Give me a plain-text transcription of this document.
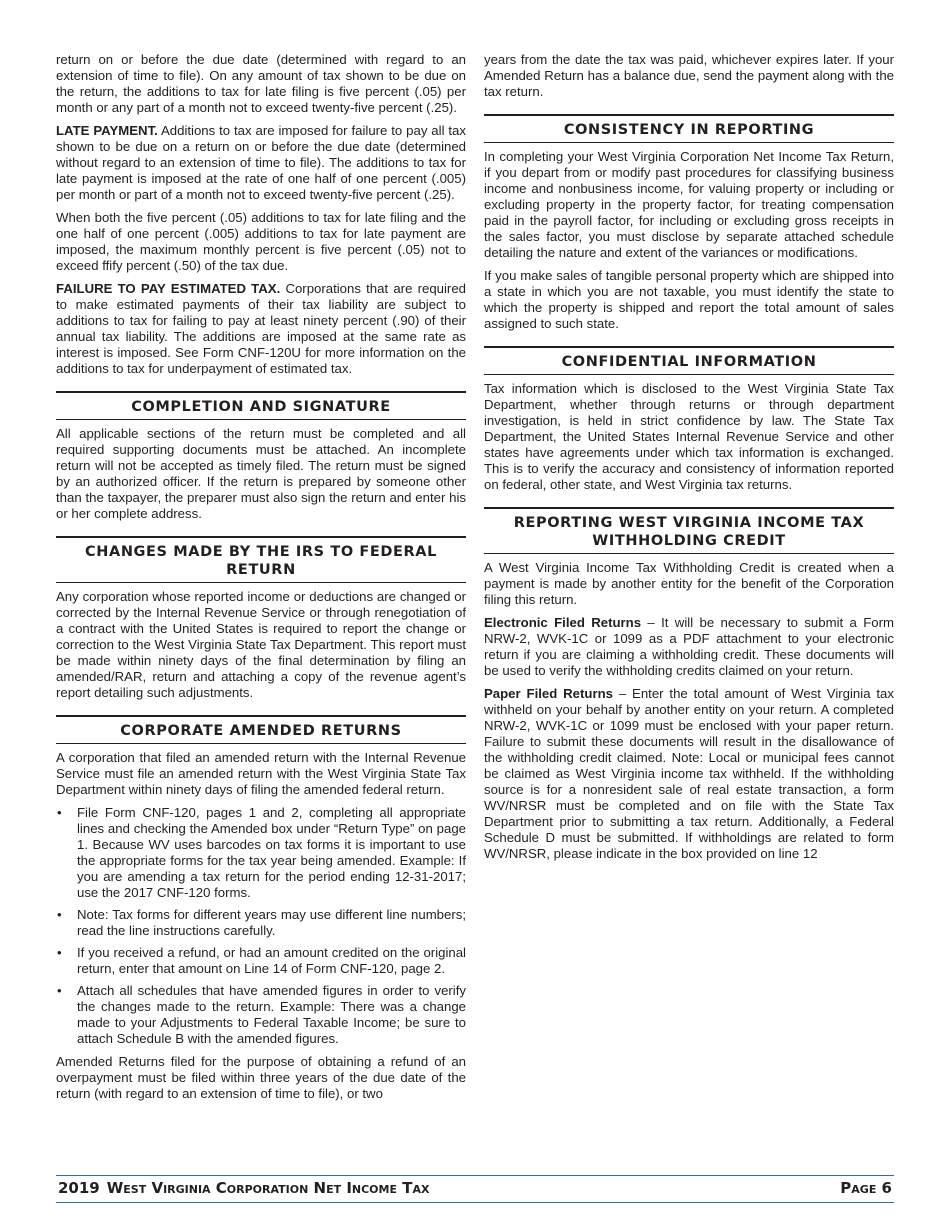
return on or before the due date (determined with regard to an extension of time to file). On any amount of tax shown to be due on the return, the additions to tax for late filing is five percent (.05) per month or any part of a month not to exceed twenty-five percent (.25).

LATE PAYMENT. Additions to tax are imposed for failure to pay all tax shown to be due on a return on or before the due date (determined without regard to an extension of time to file). The additions to tax for late payment is imposed at the rate of one half of one percent (.005) per month or part of a month not to exceed twenty-five percent (.25).

When both the five percent (.05) additions to tax for late filing and the one half of one percent (.005) additions to tax for late payment are imposed, the maximum monthly percent is five percent (.05) not to exceed ffify percent (.50) of the tax due.

FAILURE TO PAY ESTIMATED TAX. Corporations that are required to make estimated payments of their tax liability are subject to additions to tax for failing to pay at least ninety percent (.90) of their annual tax liability. The additions are imposed at the same rate as interest is imposed. See Form CNF-120U for more information on the additions to tax for underpayment of estimated tax.

COMPLETION AND SIGNATURE

All applicable sections of the return must be completed and all required supporting documents must be attached. An incomplete return will not be accepted as timely filed. The return must be signed by an authorized officer. If the return is prepared by someone other than the taxpayer, the preparer must also sign the return and enter his or her complete address.

CHANGES MADE BY THE IRS TO FEDERAL RETURN

Any corporation whose reported income or deductions are changed or corrected by the Internal Revenue Service or through renegotiation of a contract with the United States is required to report the change or correction to the West Virginia State Tax Department. This report must be made within ninety days of the final determination by filing an amended/RAR, return and attaching a copy of the revenue agent’s report detailing such adjustments.

CORPORATE AMENDED RETURNS

A corporation that filed an amended return with the Internal Revenue Service must file an amended return with the West Virginia State Tax Department within ninety days of filing the amended federal return.

• File Form CNF-120, pages 1 and 2, completing all appropriate lines and checking the Amended box under “Return Type” on page 1. Because WV uses barcodes on tax forms it is important to use the appropriate forms for the tax year being amended. Example: If you are amending a tax return for the period ending 12-31-2017; use the 2017 CNF-120 forms.
• Note: Tax forms for different years may use different line numbers; read the line instructions carefully.
• If you received a refund, or had an amount credited on the original return, enter that amount on Line 14 of Form CNF-120, page 2.
• Attach all schedules that have amended figures in order to verify the changes made to the return. Example: There was a change made to your Adjustments to Federal Taxable Income; be sure to attach Schedule B with the amended figures.

Amended Returns filed for the purpose of obtaining a refund of an overpayment must be filed within three years of the due date of the return (with regard to an extension of time to file), or two

years from the date the tax was paid, whichever expires later. If your Amended Return has a balance due, send the payment along with the tax return.

CONSISTENCY IN REPORTING

In completing your West Virginia Corporation Net Income Tax Return, if you depart from or modify past procedures for classifying business income and nonbusiness income, for valuing property or including or excluding property in the property factor, for treating compensation paid in the payroll factor, for including or excluding gross receipts in the sales factor, you must disclose by separate attached schedule detailing the nature and extent of the variances or modifications.

If you make sales of tangible personal property which are shipped into a state in which you are not taxable, you must identify the state to which the property is shipped and report the total amount of sales assigned to such state.

CONFIDENTIAL INFORMATION

Tax information which is disclosed to the West Virginia State Tax Department, whether through returns or through department investigation, is held in strict confidence by law. The State Tax Department, the United States Internal Revenue Service and other states have agreements under which tax information is exchanged. This is to verify the accuracy and consistency of information reported on federal, other state, and West Virginia tax returns.

REPORTING WEST VIRGINIA INCOME TAX WITHHOLDING CREDIT

A West Virginia Income Tax Withholding Credit is created when a payment is made by another entity for the benefit of the Corporation filing this return.

Electronic Filed Returns – It will be necessary to submit a Form NRW-2, WVK-1C or 1099 as a PDF attachment to your electronic return if you are claiming a withholding credit. These documents will be used to verify the withholding credits claimed on your return.

Paper Filed Returns – Enter the total amount of West Virginia tax withheld on your behalf by another entity on your return. A completed NRW-2, WVK-1C or 1099 must be enclosed with your paper return. Failure to submit these documents will result in the disallowance of the withholding credit claimed. Note: Local or municipal fees cannot be claimed as West Virginia income tax withheld. If the withholding source is for a nonresident sale of real estate transaction, a form WV/NRSR must be completed and on file with the State Tax Department prior to submitting a tax return. Additionally, a Federal Schedule D must be submitted. If withholdings are related to form WV/NRSR, please indicate in the box provided on line 12

2019 West Virginia Corporation Net Income Tax	Page 6
